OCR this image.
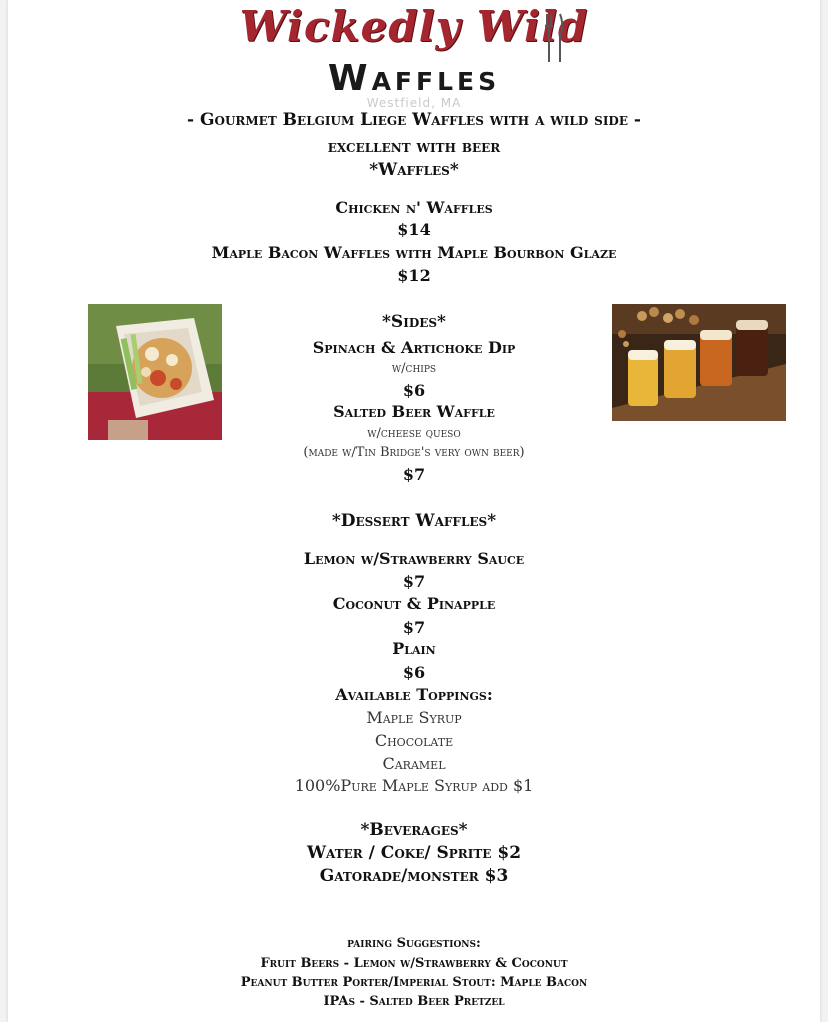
Wickedly Wild
Waffles
Westfield, MA
- Gourmet Belgium Liege Waffles with a wild side -
excellent with beer
*Waffles*
Chicken n' Waffles
$14
Maple Bacon Waffles with Maple Bourbon Glaze
$12
*Sides*
Spinach & Artichoke Dip
w/chips
$6
Salted Beer Waffle
w/cheese queso
(made w/Tin Bridge's very own beer)
$7
*Dessert Waffles*
Lemon w/Strawberry Sauce
$7
Coconut & Pinapple
$7
Plain
$6
Available Toppings:
Maple Syrup
Chocolate
Caramel
100%Pure Maple Syrup add $1
*Beverages*
Water / Coke/ Sprite $2
Gatorade/monster $3
pairing Suggestions:
Fruit Beers - Lemon w/Strawberry & Coconut
Peanut Butter Porter/Imperial Stout: Maple Bacon
IPAs - Salted Beer Pretzel
